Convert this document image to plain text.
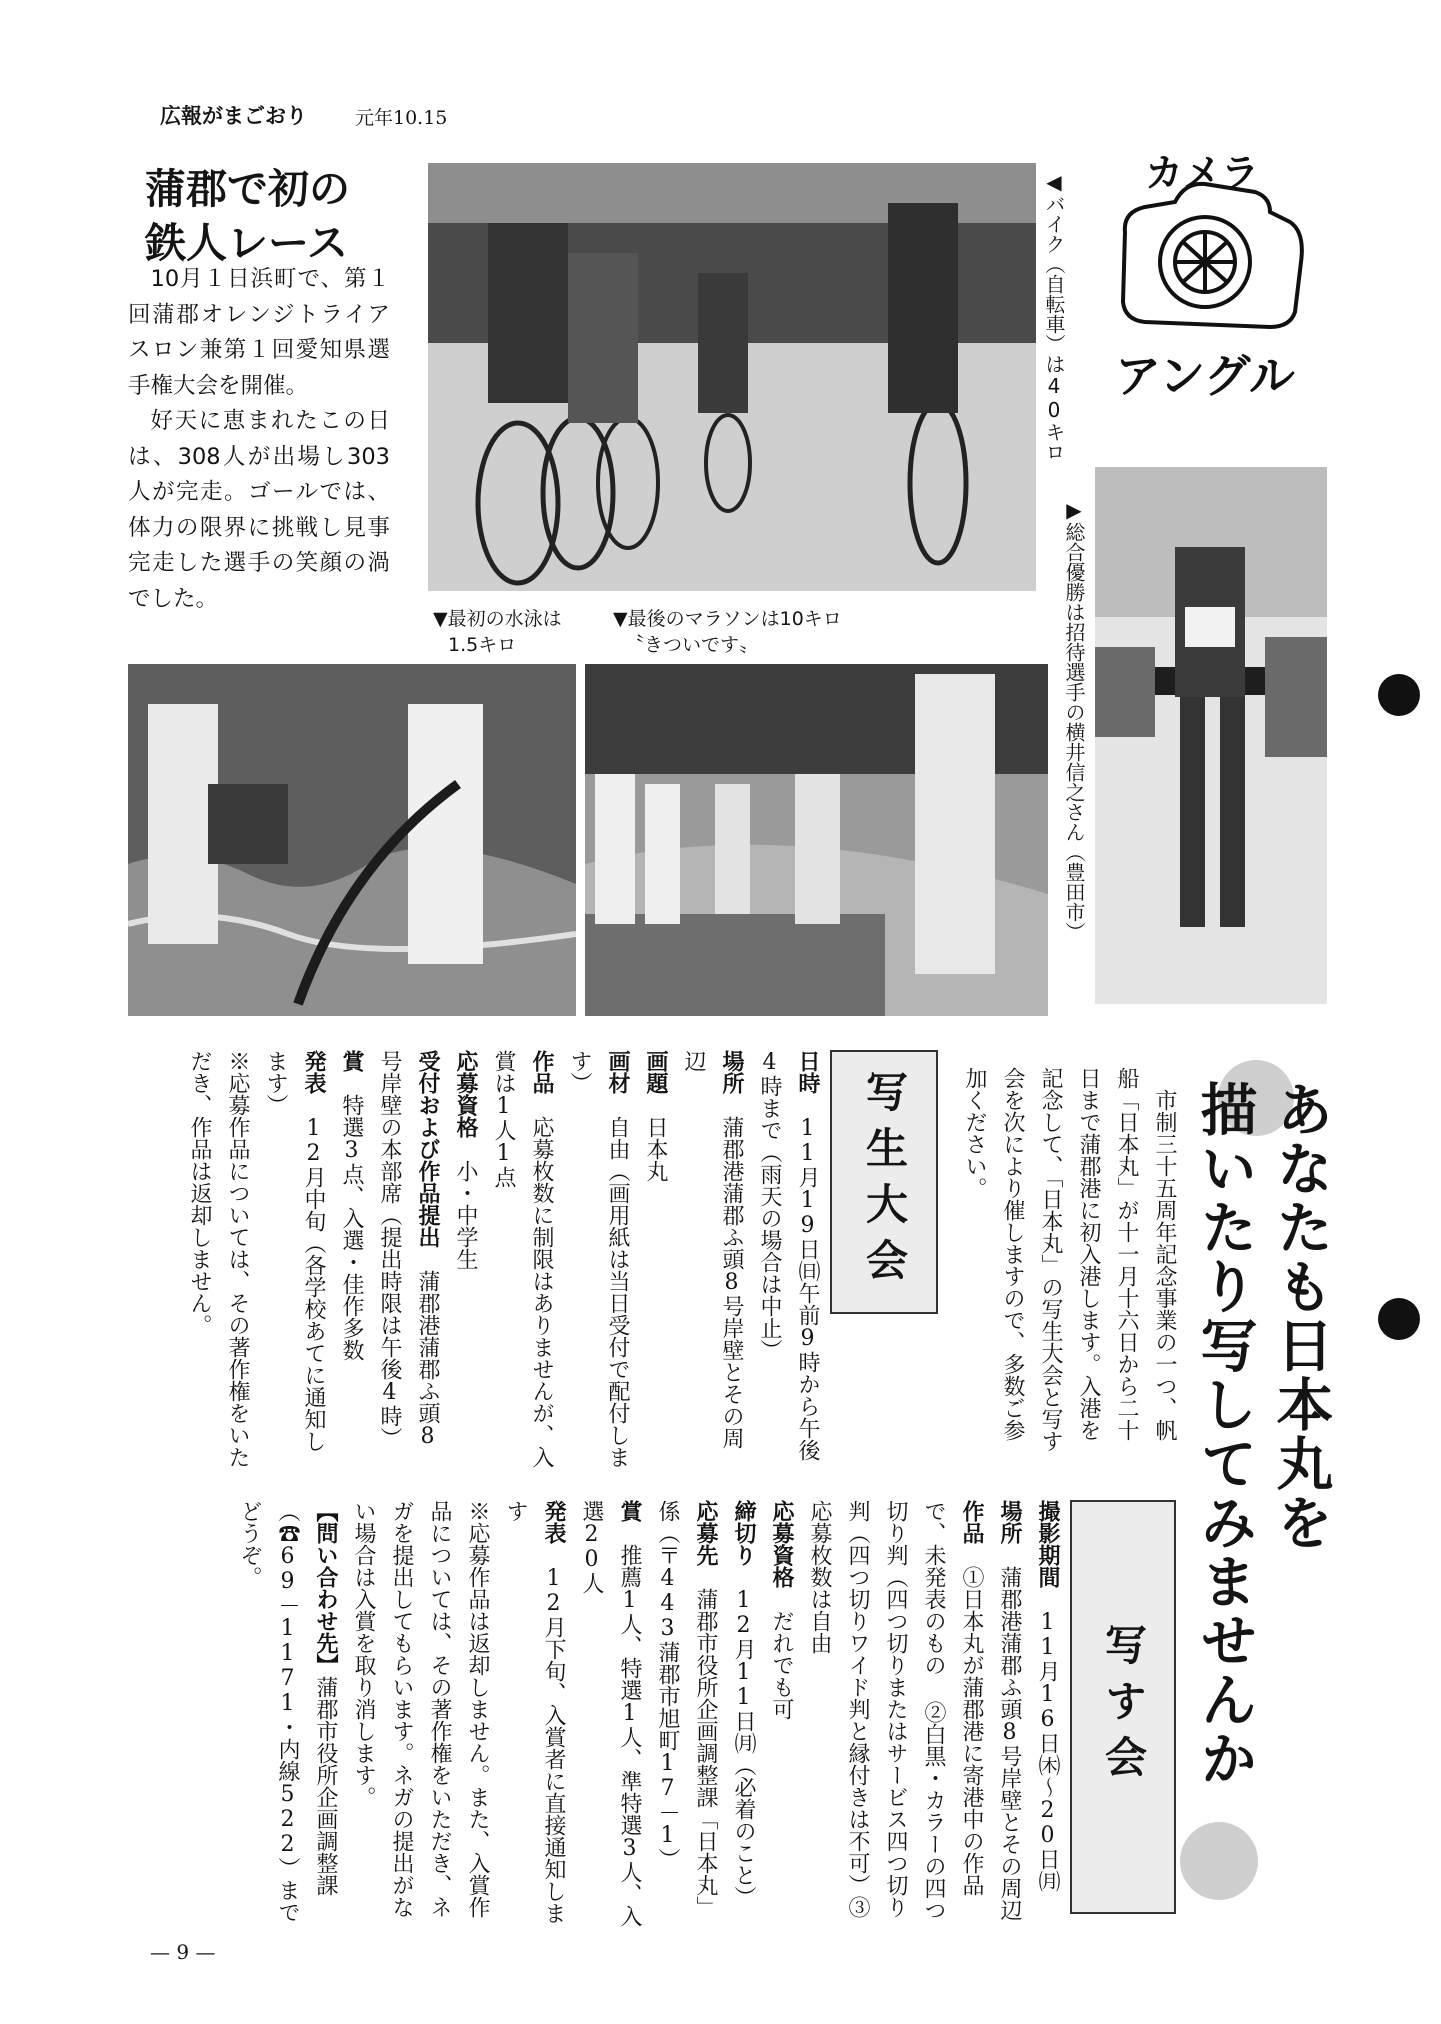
広報がまごおり	元年10.15
蒲郡で初の
鉄人レース

10月１日浜町で、第１回蒲郡オレンジトライアスロン兼第１回愛知県選手権大会を開催。

好天に恵まれたこの日は、308人が出場し303人が完走。ゴールでは、体力の限界に挑戦し見事完走した選手の笑顔の渦でした。

◀バイク（自転車）は40キロ カメラ
アングル
▶総合優勝は招待選手の横井信之さん（豊田市）
▼最初の水泳は
1.5キロ
▼最後のマラソンは10キロ
〝きついです〟
あなたも日本丸を
描いたり写してみませんか

市制三十五周年記念事業の一つ、帆船「日本丸」が十一月十六日から二十日まで蒲郡港に初入港します。入港を記念して、「日本丸」の写生大会と写す会を次により催しますので、多数ご参加ください。

写す会

撮影期間　11月16日㈭～20日㈪

場所　蒲郡港蒲郡ふ頭8号岸壁とその周辺

作品　①日本丸が蒲郡港に寄港中の作品で、未発表のもの ②白黒・カラーの四つ切り判（四つ切りまたはサービス四つ切り判（四つ切りワイド判と縁付きは不可）③応募枚数は自由

応募資格　だれでも可

締切り　12月11日㈪（必着のこと）

応募先　蒲郡市役所企画調整課「日本丸」係（〒443蒲郡市旭町17－1）

賞　推薦1人、特選1人、準特選3人、入選20人

発表　12月下旬、入賞者に直接通知します

※応募作品は返却しません。また、入賞作品については、その著作権をいただき、ネガを提出してもらいます。ネガの提出がない場合は入賞を取り消します。

【問い合わせ先】蒲郡市役所企画調整課（☎69－1171・内線522）までどうぞ。

写生大会

日時　11月19日㈰午前9時から午後4時まで（雨天の場合は中止）

場所　蒲郡港蒲郡ふ頭8号岸壁とその周辺

画題　日本丸

画材　自由（画用紙は当日受付で配付します）

作品　応募枚数に制限はありませんが、入賞は1人1点

応募資格　小・中学生

受付および作品提出　蒲郡港蒲郡ふ頭8号岸壁の本部席（提出時限は午後4時）

賞　特選3点、入選・佳作多数

発表　12月中旬（各学校あてに通知します）

※応募作品については、その著作権をいただき、作品は返却しません。

— 9 —
